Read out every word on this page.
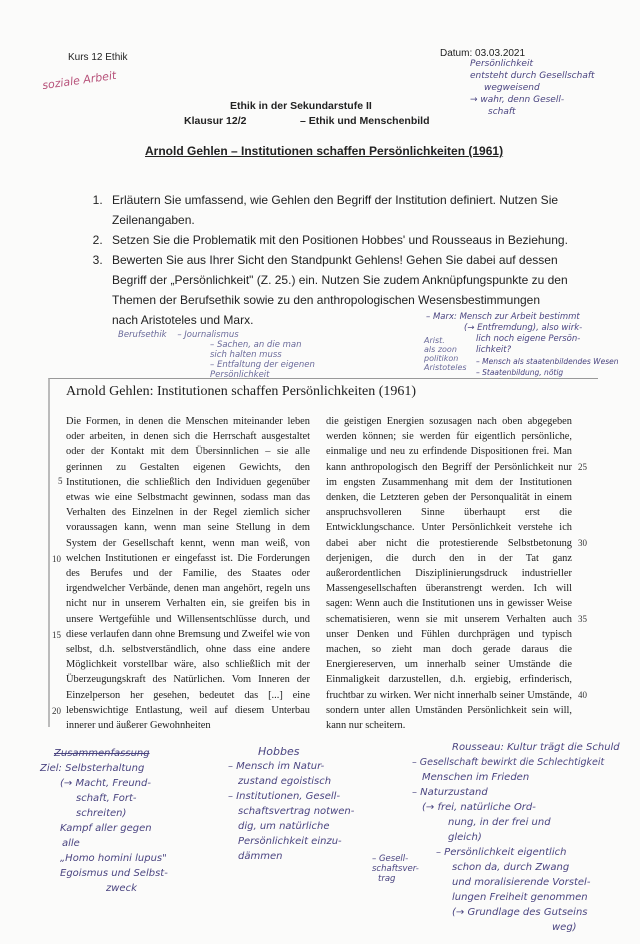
Kurs 12 Ethik	Datum: 03.03.2021
soziale Arbeit
Persönlichkeit
entsteht durch Gesellschaft
wegweisend
→ wahr, denn Gesell-
schaft
Ethik in der Sekundarstufe II
Klausur 12/2	– Ethik und Menschenbild
Arnold Gehlen – Institutionen schaffen Persönlichkeiten (1961)
1. Erläutern Sie umfassend, wie Gehlen den Begriff der Institution definiert. Nutzen Sie Zeilenangaben.
2. Setzen Sie die Problematik mit den Positionen Hobbes' und Rousseaus in Beziehung.
3. Bewerten Sie aus Ihrer Sicht den Standpunkt Gehlens! Gehen Sie dabei auf dessen Begriff der „Persönlichkeit" (Z. 25.) ein. Nutzen Sie zudem Anknüpfungspunkte zu den Themen der Berufsethik sowie zu den anthropologischen Wesensbestimmungen nach Aristoteles und Marx.
Berufsethik – Journalismus
– Sachen, an die man sich halten muss
– Entfaltung der eigenen Persönlichkeit
Arist.
als zoon
politikon
Aristoteles
– Marx: Mensch zur Arbeit bestimmt
(→ Entfremdung), also wirk-
lich noch eigene Persön-
lichkeit?
– Mensch als staatenbildendes Wesen
– Staatenbildung, nötig
Arnold Gehlen: Institutionen schaffen Persönlichkeiten (1961)

Die Formen, in denen die Menschen miteinander leben oder arbeiten, in denen sich die Herrschaft ausgestaltet oder der Kontakt mit dem Übersinnlichen – sie alle gerinnen zu Gestalten eigenen Gewichts, den Institutionen, die schließlich den Individuen gegenüber etwas wie eine Selbstmacht gewinnen, sodass man das Verhalten des Einzelnen in der Regel ziemlich sicher voraussagen kann, wenn man seine Stellung in dem System der Gesellschaft kennt, wenn man weiß, von welchen Institutionen er eingefasst ist. Die Forderungen des Berufes und der Familie, des Staates oder irgendwelcher Verbände, denen man angehört, regeln uns nicht nur in unserem Verhalten ein, sie greifen bis in unsere Wertgefühle und Willensentschlüsse durch, und diese verlaufen dann ohne Bremsung und Zweifel wie von selbst, d.h. selbstverständlich, ohne dass eine andere Möglichkeit vorstellbar wäre, also schließlich mit der Überzeugungskraft des Natürlichen. Vom Inneren der Einzelperson her gesehen, bedeutet das [...] eine lebenswichtige Entlastung, weil auf diesem Unterbau innerer und äußerer Gewohnheiten

die geistigen Energien sozusagen nach oben abgegeben werden können; sie werden für eigentlich persönliche, einmalige und neu zu erfindende Dispositionen frei. Man kann anthropologisch den Begriff der Persönlichkeit nur im engsten Zusammenhang mit dem der Institutionen denken, die Letzteren geben der Personqualität in einem anspruchsvolleren Sinne überhaupt erst die Entwicklungschance. Unter Persönlichkeit verstehe ich dabei aber nicht die protestierende Selbstbetonung derjenigen, die durch den in der Tat ganz außerordentlichen Disziplinierungsdruck industrieller Massengesellschaften überanstrengt werden. Ich will sagen: Wenn auch die Institutionen uns in gewisser Weise schematisieren, wenn sie mit unserem Verhalten auch unser Denken und Fühlen durchprägen und typisch machen, so zieht man doch gerade daraus die Energiereserven, um innerhalb seiner Umstände die Einmaligkeit darzustellen, d.h. ergiebig, erfinderisch, fruchtbar zu wirken. Wer nicht innerhalb seiner Umstände, sondern unter allen Umständen Persönlichkeit sein will, kann nur scheitern.

5
10
15
20
25
30
35
40
Zusammenfassung
Ziel: Selbsterhaltung
(→ Macht, Freund-
schaft, Fort-
schreiten)
Kampf aller gegen
alle
„Homo homini lupus"
Egoismus und Selbst-
zweck
Hobbes
– Mensch im Natur-
zustand egoistisch
– Institutionen, Gesell-
schaftsvertrag notwen-
dig, um natürliche
Persönlichkeit einzu-
dämmen
Rousseau: Kultur trägt die Schuld
– Gesellschaft bewirkt die Schlechtigkeit
Menschen im Frieden
– Naturzustand
(→ frei, natürliche Ord-
nung, in der frei und
gleich)
– Persönlichkeit eigentlich
schon da, durch Zwang
und moralisierende Vorstel-
lungen Freiheit genommen
(→ Grundlage des Gutseins
weg)
– Gesell-
schaftsver-
trag
